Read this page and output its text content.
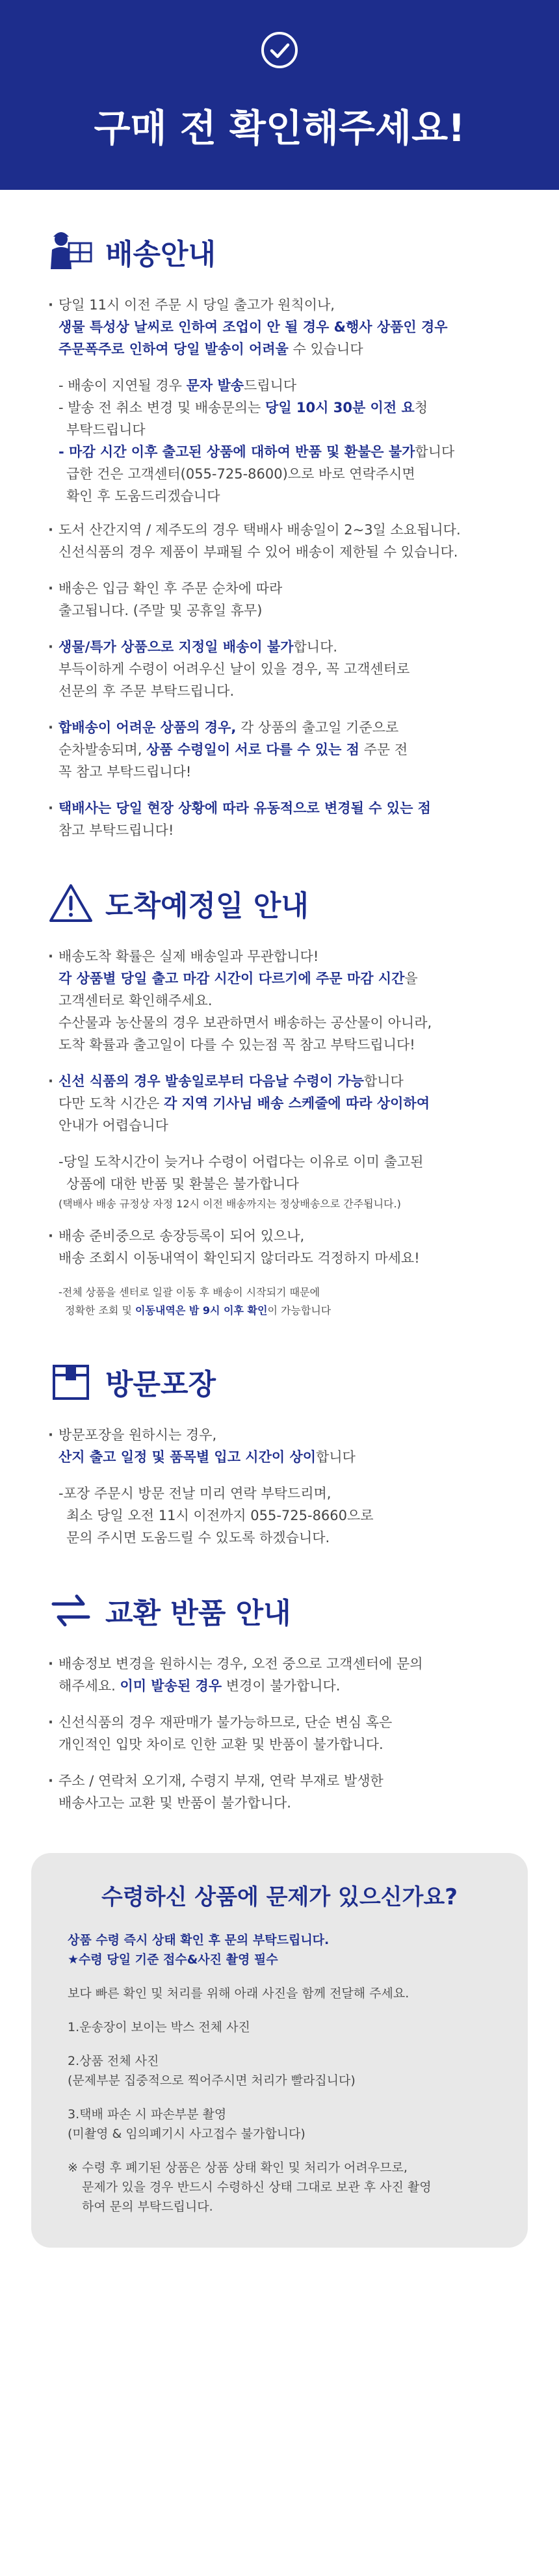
구매 전 확인해주세요!
배송안내
· 당일 11시 이전 주문 시 당일 출고가 원칙이나,
생물 특성상 날씨로 인하여 조업이 안 될 경우 &행사 상품인 경우
주문폭주로 인하여 당일 발송이 어려울 수 있습니다
- 배송이 지연될 경우 문자 발송드립니다
- 발송 전 취소 변경 및 배송문의는 당일 10시 30분 이전 요청
부탁드립니다
- 마감 시간 이후 출고된 상품에 대하여 반품 및 환불은 불가합니다
급한 건은 고객센터(055-725-8600)으로 바로 연락주시면
확인 후 도움드리겠습니다
· 도서 산간지역 / 제주도의 경우 택배사 배송일이 2~3일 소요됩니다.
신선식품의 경우 제품이 부패될 수 있어 배송이 제한될 수 있습니다.
· 배송은 입금 확인 후 주문 순차에 따라
출고됩니다. (주말 및 공휴일 휴무)
· 생물/특가 상품으로 지정일 배송이 불가합니다.
부득이하게 수령이 어려우신 날이 있을 경우, 꼭 고객센터로
선문의 후 주문 부탁드립니다.
· 합배송이 어려운 상품의 경우, 각 상품의 출고일 기준으로
순차발송되며, 상품 수령일이 서로 다를 수 있는 점 주문 전
꼭 참고 부탁드립니다!
· 택배사는 당일 현장 상황에 따라 유동적으로 변경될 수 있는 점
참고 부탁드립니다!
도착예정일 안내
· 배송도착 확률은 실제 배송일과 무관합니다!
각 상품별 당일 출고 마감 시간이 다르기에 주문 마감 시간을
고객센터로 확인해주세요.
수산물과 농산물의 경우 보관하면서 배송하는 공산물이 아니라,
도착 확률과 출고일이 다를 수 있는점 꼭 참고 부탁드립니다!
· 신선 식품의 경우 발송일로부터 다음날 수령이 가능합니다
다만 도착 시간은 각 지역 기사님 배송 스케줄에 따라 상이하여
안내가 어렵습니다
-당일 도착시간이 늦거나 수령이 어렵다는 이유로 이미 출고된
상품에 대한 반품 및 환불은 불가합니다
(택배사 배송 규정상 자정 12시 이전 배송까지는 정상배송으로 간주됩니다.)
· 배송 준비중으로 송장등록이 되어 있으나,
배송 조회시 이동내역이 확인되지 않더라도 걱정하지 마세요!
-전체 상품을 센터로 일괄 이동 후 배송이 시작되기 때문에
정확한 조회 및 이동내역은 밤 9시 이후 확인이 가능합니다
방문포장
· 방문포장을 원하시는 경우,
산지 출고 일정 및 품목별 입고 시간이 상이합니다
-포장 주문시 방문 전날 미리 연락 부탁드리며,
최소 당일 오전 11시 이전까지 055-725-8660으로
문의 주시면 도움드릴 수 있도록 하겠습니다.
교환 반품 안내
· 배송정보 변경을 원하시는 경우, 오전 중으로 고객센터에 문의
해주세요. 이미 발송된 경우 변경이 불가합니다.
· 신선식품의 경우 재판매가 불가능하므로, 단순 변심 혹은
개인적인 입맛 차이로 인한 교환 및 반품이 불가합니다.
· 주소 / 연락처 오기재, 수령지 부재, 연락 부재로 발생한
배송사고는 교환 및 반품이 불가합니다.
수령하신 상품에 문제가 있으신가요?
상품 수령 즉시 상태 확인 후 문의 부탁드립니다.
★수령 당일 기준 접수&사진 촬영 필수
보다 빠른 확인 및 처리를 위해 아래 사진을 함께 전달해 주세요.
1.운송장이 보이는 박스 전체 사진
2.상품 전체 사진
(문제부분 집중적으로 찍어주시면 처리가 빨라집니다)
3.택배 파손 시 파손부분 촬영
(미촬영 & 임의폐기시 사고접수 불가합니다)
※ 수령 후 폐기된 상품은 상품 상태 확인 및 처리가 어려우므로,
문제가 있을 경우 반드시 수령하신 상태 그대로 보관 후 사진 촬영
하여 문의 부탁드립니다.
